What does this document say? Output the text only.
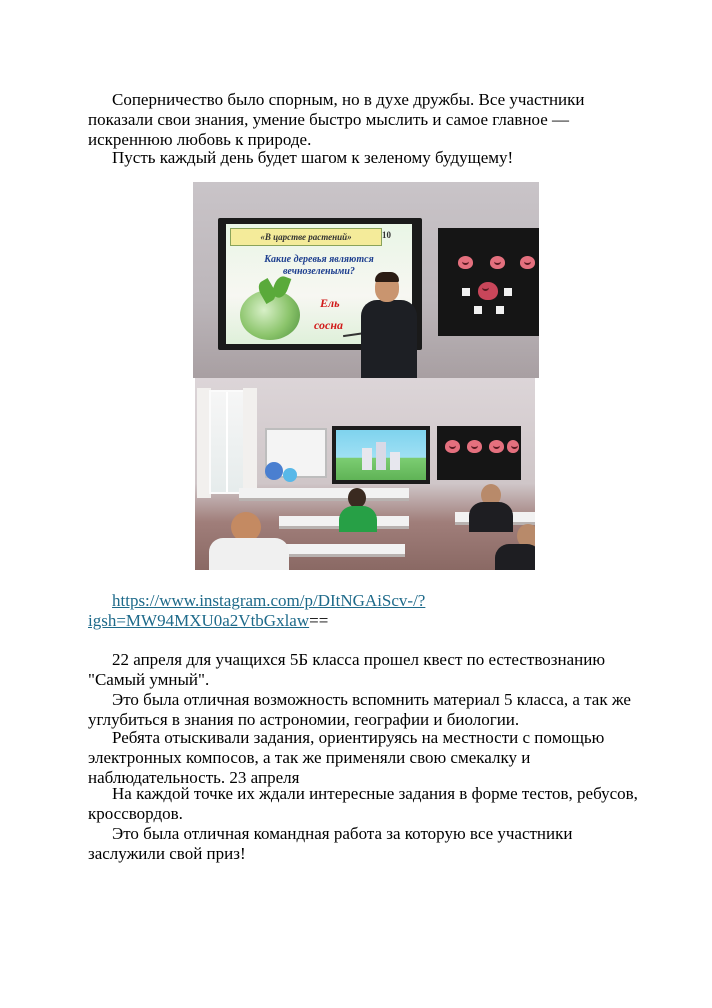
Соперничество было спорным, но в духе дружбы. Все участники показали свои знания, умение быстро мыслить и самое главное — искреннюю любовь к природе.

Пусть каждый день будет шагом к зеленому будущему!

«В царстве растений»	10
Какие деревья являются вечнозелеными?
Ель
сосна

https://www.instagram.com/p/DItNGAiScv-/?
igsh=MW94MXU0a2VtbGxlaw==

22 апреля для учащихся 5Б класса прошел квест по естествознанию "Самый умный".

Это была отличная возможность вспомнить материал 5 класса, а так же углубиться в знания по астрономии, географии и биологии.

Ребята отыскивали задания, ориентируясь на местности с помощью электронных компосов, а так же применяли свою смекалку и наблюдательность. 23 апреля

На каждой точке их ждали интересные задания в форме тестов, ребусов, кроссвордов.

Это была отличная командная работа за которую все участники заслужили свой приз!
